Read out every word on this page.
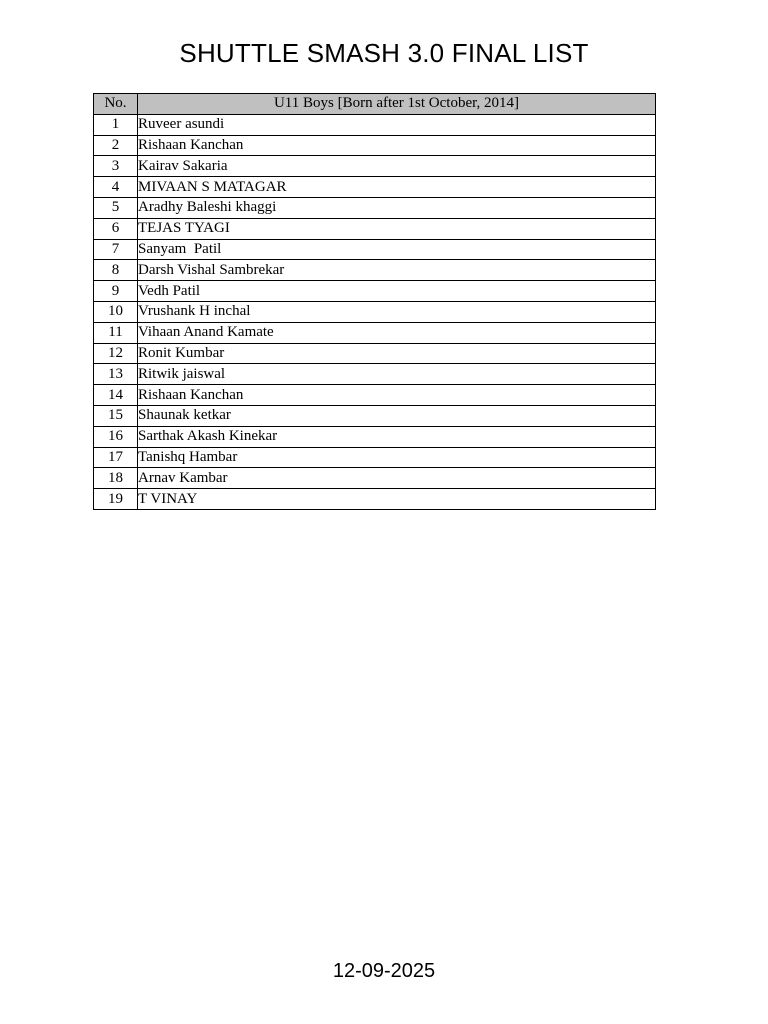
SHUTTLE SMASH 3.0 FINAL LIST
No.	U11 Boys [Born after 1st October, 2014]
1	Ruveer asundi
2	Rishaan Kanchan
3	Kairav Sakaria
4	MIVAAN S MATAGAR
5	Aradhy Baleshi khaggi
6	TEJAS TYAGI
7	Sanyam  Patil
8	Darsh Vishal Sambrekar
9	Vedh Patil
10	Vrushank H inchal
11	Vihaan Anand Kamate
12	Ronit Kumbar
13	Ritwik jaiswal
14	Rishaan Kanchan
15	Shaunak ketkar
16	Sarthak Akash Kinekar
17	Tanishq Hambar
18	Arnav Kambar
19	T VINAY
12-09-2025
